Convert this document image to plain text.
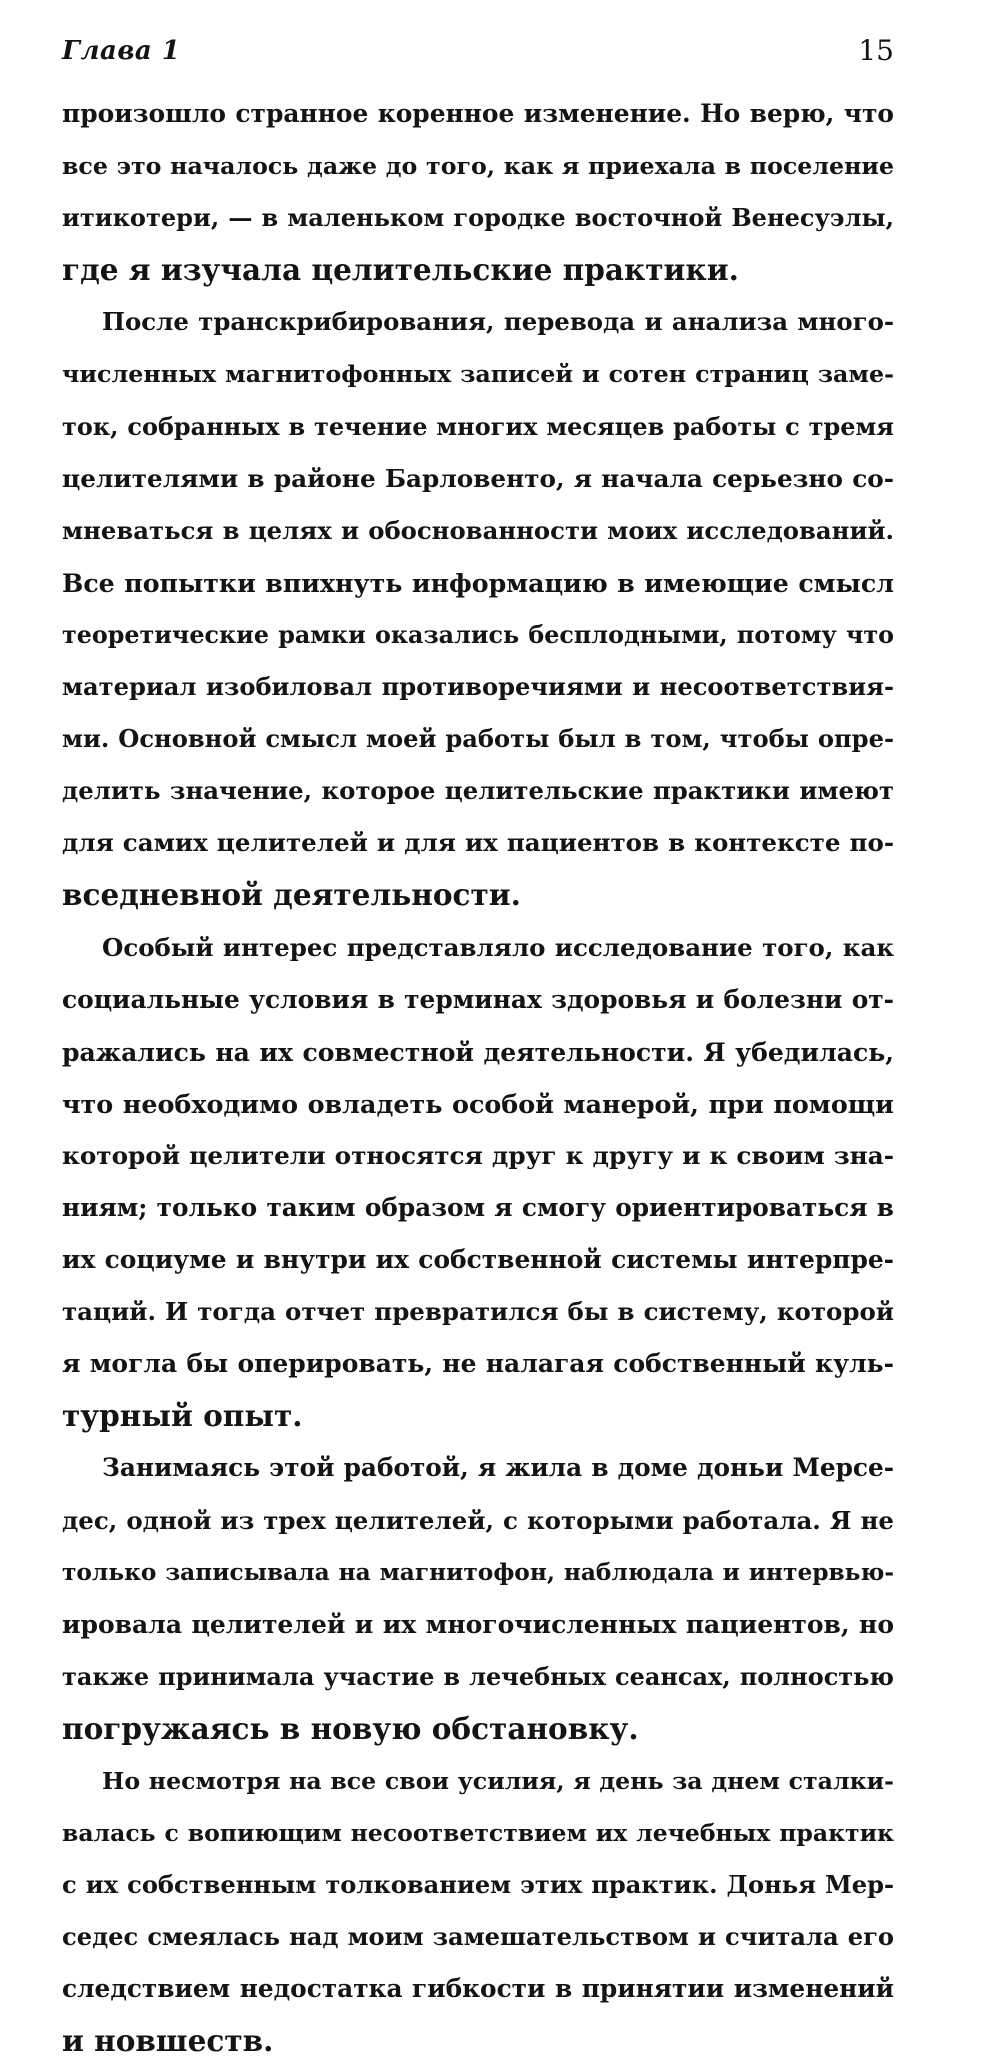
Глава 1	15
произошло странное коренное изменение. Но верю, что
все это началось даже до того, как я приехала в поселение
итикотери, — в маленьком городке восточной Венесуэлы,
где я изучала целительские практики.
После транскрибирования, перевода и анализа много-
численных магнитофонных записей и сотен страниц заме-
ток, собранных в течение многих месяцев работы с тремя
целителями в районе Барловенто, я начала серьезно со-
мневаться в целях и обоснованности моих исследований.
Все попытки впихнуть информацию в имеющие смысл
теоретические рамки оказались бесплодными, потому что
материал изобиловал противоречиями и несоответствия-
ми. Основной смысл моей работы был в том, чтобы опре-
делить значение, которое целительские практики имеют
для самих целителей и для их пациентов в контексте по-
вседневной деятельности.
Особый интерес представляло исследование того, как
социальные условия в терминах здоровья и болезни от-
ражались на их совместной деятельности. Я убедилась,
что необходимо овладеть особой манерой, при помощи
которой целители относятся друг к другу и к своим зна-
ниям; только таким образом я смогу ориентироваться в
их социуме и внутри их собственной системы интерпре-
таций. И тогда отчет превратился бы в систему, которой
я могла бы оперировать, не налагая собственный куль-
турный опыт.
Занимаясь этой работой, я жила в доме доньи Мерсе-
дес, одной из трех целителей, с которыми работала. Я не
только записывала на магнитофон, наблюдала и интервью-
ировала целителей и их многочисленных пациентов, но
также принимала участие в лечебных сеансах, полностью
погружаясь в новую обстановку.
Но несмотря на все свои усилия, я день за днем сталки-
валась с вопиющим несоответствием их лечебных практик
с их собственным толкованием этих практик. Донья Мер-
седес смеялась над моим замешательством и считала его
следствием недостатка гибкости в принятии изменений
и новшеств.
